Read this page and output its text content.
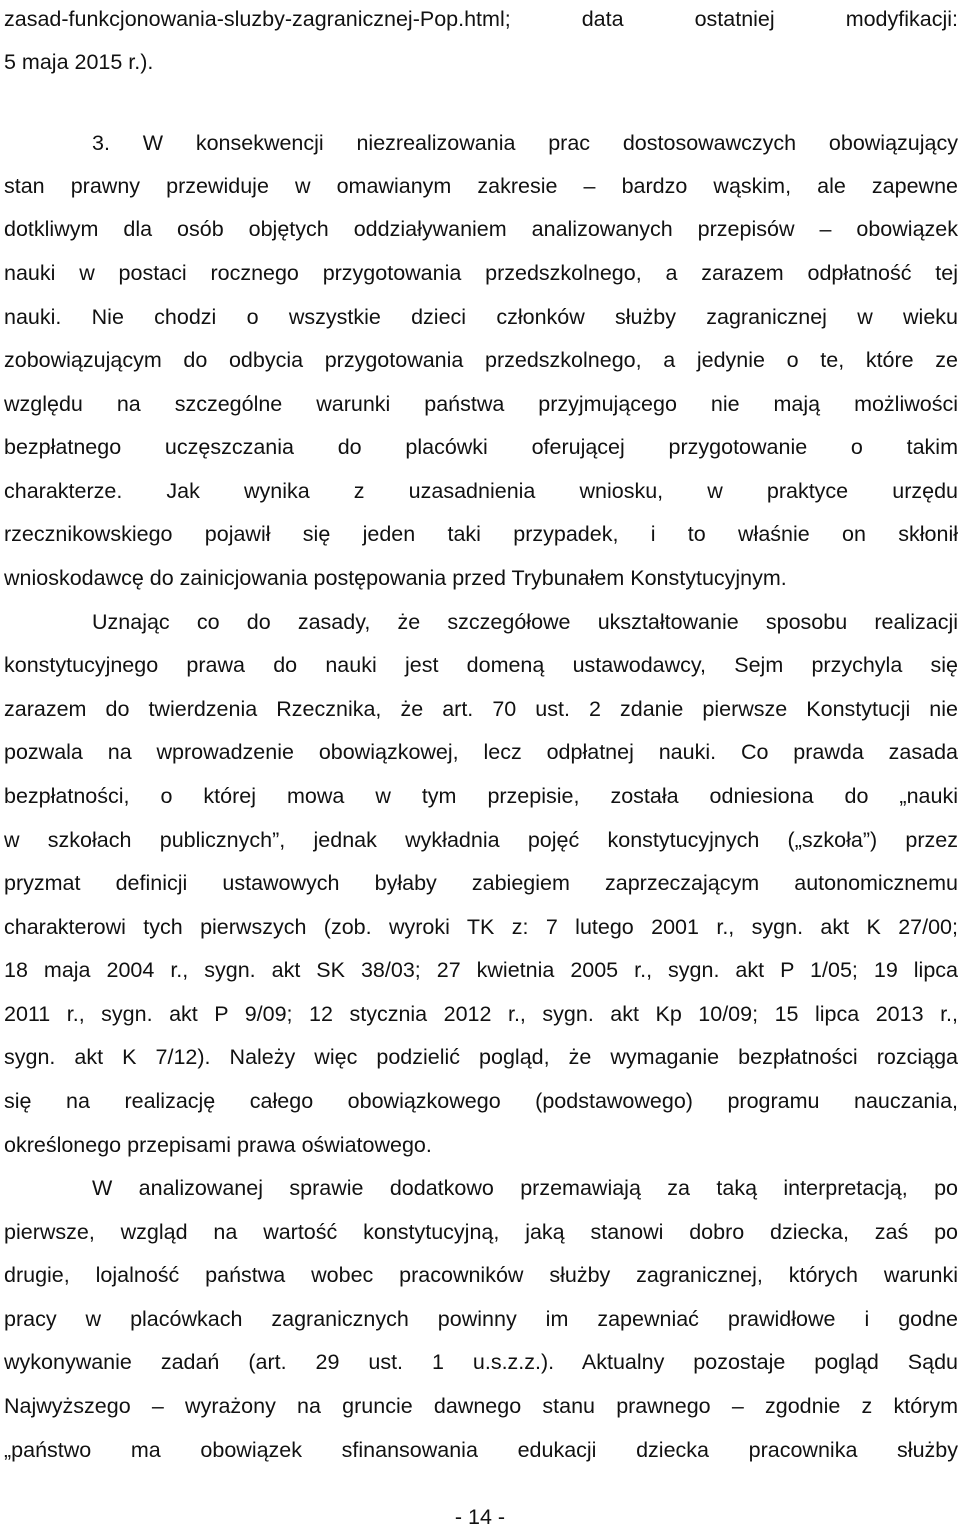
zasad-funkcjonowania-sluzby-zagranicznej-Pop.html; data ostatniej modyfikacji:
5 maja 2015 r.).
3. W konsekwencji niezrealizowania prac dostosowawczych obowiązujący
stan prawny przewiduje w omawianym zakresie – bardzo wąskim, ale zapewne
dotkliwym dla osób objętych oddziaływaniem analizowanych przepisów – obowiązek
nauki w postaci rocznego przygotowania przedszkolnego, a zarazem odpłatność tej
nauki. Nie chodzi o wszystkie dzieci członków służby zagranicznej w wieku
zobowiązującym do odbycia przygotowania przedszkolnego, a jedynie o te, które ze
względu na szczególne warunki państwa przyjmującego nie mają możliwości
bezpłatnego uczęszczania do placówki oferującej przygotowanie o takim
charakterze. Jak wynika z uzasadnienia wniosku, w praktyce urzędu
rzecznikowskiego pojawił się jeden taki przypadek, i to właśnie on skłonił
wnioskodawcę do zainicjowania postępowania przed Trybunałem Konstytucyjnym.
Uznając co do zasady, że szczegółowe ukształtowanie sposobu realizacji
konstytucyjnego prawa do nauki jest domeną ustawodawcy, Sejm przychyla się
zarazem do twierdzenia Rzecznika, że art. 70 ust. 2 zdanie pierwsze Konstytucji nie
pozwala na wprowadzenie obowiązkowej, lecz odpłatnej nauki. Co prawda zasada
bezpłatności, o której mowa w tym przepisie, została odniesiona do „nauki
w szkołach publicznych”, jednak wykładnia pojęć konstytucyjnych („szkoła”) przez
pryzmat definicji ustawowych byłaby zabiegiem zaprzeczającym autonomicznemu
charakterowi tych pierwszych (zob. wyroki TK z: 7 lutego 2001 r., sygn. akt K 27/00;
18 maja 2004 r., sygn. akt SK 38/03; 27 kwietnia 2005 r., sygn. akt P 1/05; 19 lipca
2011 r., sygn. akt P 9/09; 12 stycznia 2012 r., sygn. akt Kp 10/09; 15 lipca 2013 r.,
sygn. akt K 7/12). Należy więc podzielić pogląd, że wymaganie bezpłatności rozciąga
się na realizację całego obowiązkowego (podstawowego) programu nauczania,
określonego przepisami prawa oświatowego.
W analizowanej sprawie dodatkowo przemawiają za taką interpretacją, po
pierwsze, wzgląd na wartość konstytucyjną, jaką stanowi dobro dziecka, zaś po
drugie, lojalność państwa wobec pracowników służby zagranicznej, których warunki
pracy w placówkach zagranicznych powinny im zapewniać prawidłowe i godne
wykonywanie zadań (art. 29 ust. 1 u.s.z.z.). Aktualny pozostaje pogląd Sądu
Najwyższego – wyrażony na gruncie dawnego stanu prawnego – zgodnie z którym
„państwo ma obowiązek sfinansowania edukacji dziecka pracownika służby
- 14 -
